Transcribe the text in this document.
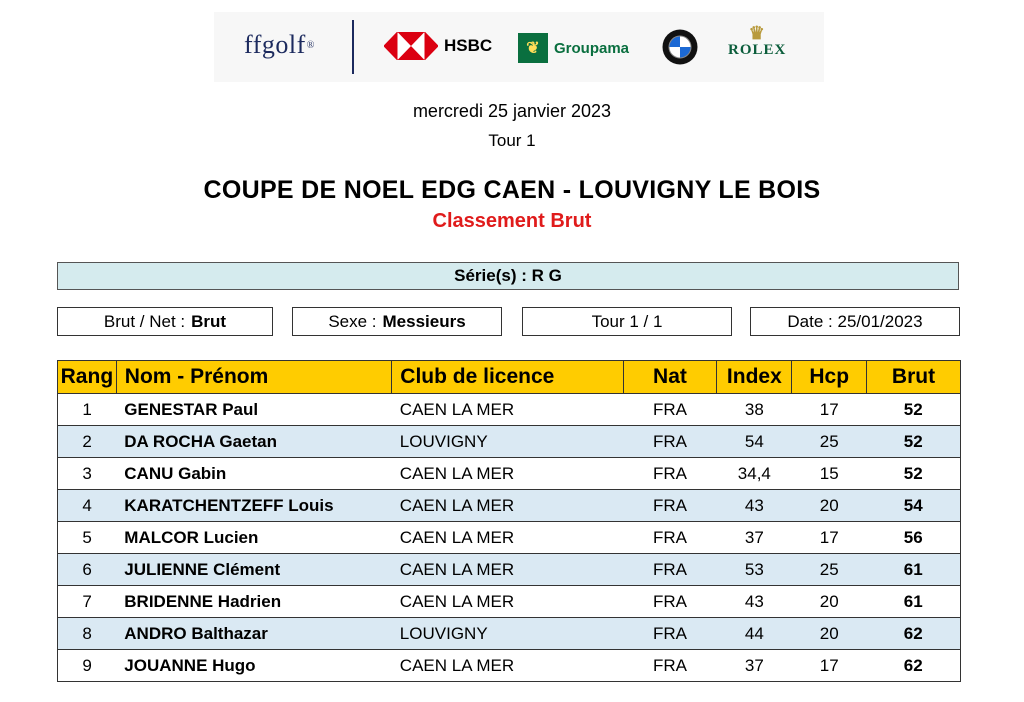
ffgolf ®	HSBC	❦ Groupama
♛
ROLEX
mercredi 25 janvier 2023
Tour 1
COUPE DE NOEL EDG CAEN - LOUVIGNY LE BOIS
Classement Brut
Série(s) : R G
Brut / Net : Brut	Sexe : Messieurs	Tour 1 / 1	Date : 25/01/2023
Rang	Nom - Prénom	Club de licence	Nat	Index	Hcp	Brut
1	GENESTAR Paul	CAEN LA MER	FRA	38	17	52
2	DA ROCHA Gaetan	LOUVIGNY	FRA	54	25	52
3	CANU Gabin	CAEN LA MER	FRA	34,4	15	52
4	KARATCHENTZEFF Louis	CAEN LA MER	FRA	43	20	54
5	MALCOR Lucien	CAEN LA MER	FRA	37	17	56
6	JULIENNE Clément	CAEN LA MER	FRA	53	25	61
7	BRIDENNE Hadrien	CAEN LA MER	FRA	43	20	61
8	ANDRO Balthazar	LOUVIGNY	FRA	44	20	62
9	JOUANNE Hugo	CAEN LA MER	FRA	37	17	62
